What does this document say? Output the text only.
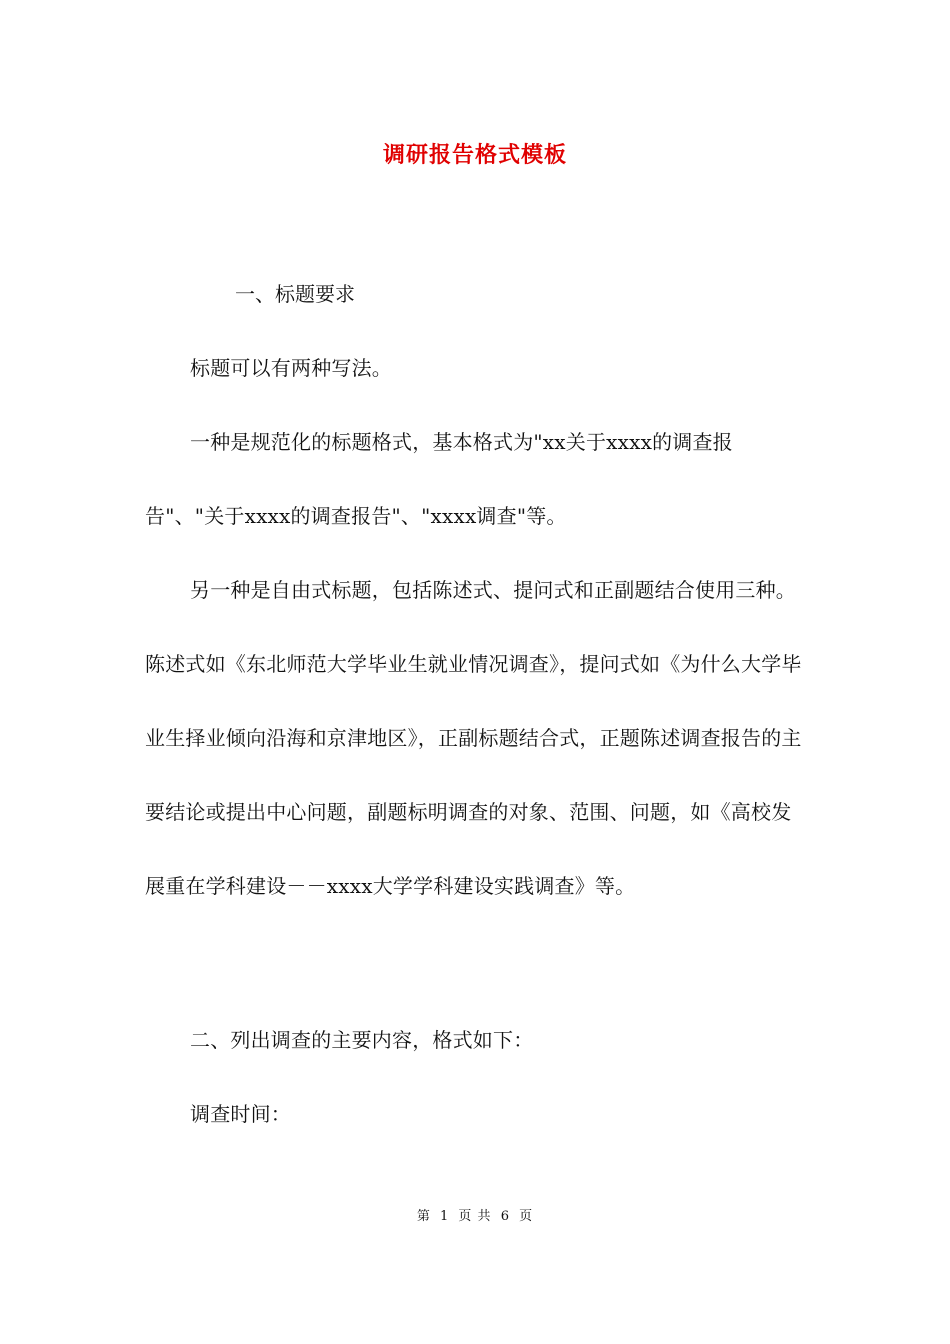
调研报告格式模板
一、标题要求
标题可以有两种写法。
一种是规范化的标题格式，基本格式为"xx关于xxxx的调查报告"、"关于xxxx的调查报告"、"xxxx调查"等。
另一种是自由式标题，包括陈述式、提问式和正副题结合使用三种。陈述式如《东北师范大学毕业生就业情况调查》，提问式如《为什么大学毕业生择业倾向沿海和京津地区》，正副标题结合式，正题陈述调查报告的主要结论或提出中心问题，副题标明调查的对象、范围、问题，如《高校发展重在学科建设－－xxxx大学学科建设实践调查》等。
二、列出调查的主要内容，格式如下：
调查时间：
第 1 页 共 6 页
